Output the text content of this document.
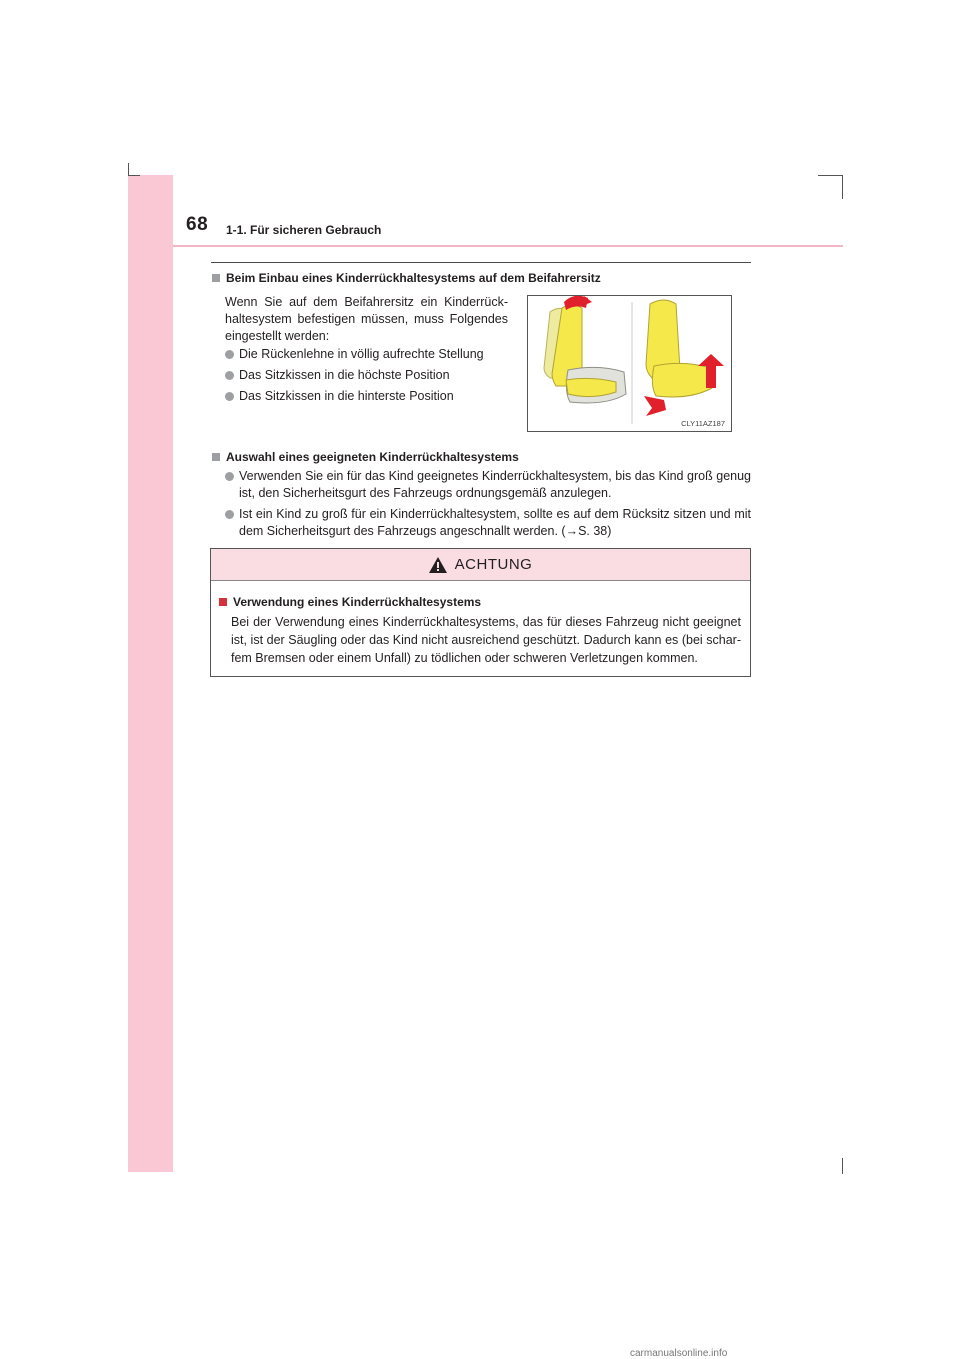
68 1-1. Für sicheren Gebrauch
Beim Einbau eines Kinderrückhaltesystems auf dem Beifahrersitz
Wenn Sie auf dem Beifahrersitz ein Kinderrück-haltesystem befestigen müssen, muss Folgendes eingestellt werden:
Die Rückenlehne in völlig aufrechte Stellung
Das Sitzkissen in die höchste Position
Das Sitzkissen in die hinterste Position
CLY11AZ187
Auswahl eines geeigneten Kinderrückhaltesystems
Verwenden Sie ein für das Kind geeignetes Kinderrückhaltesystem, bis das Kind groß genug ist, den Sicherheitsgurt des Fahrzeugs ordnungsgemäß anzulegen.
Ist ein Kind zu groß für ein Kinderrückhaltesystem, sollte es auf dem Rücksitz sitzen und mit dem Sicherheitsgurt des Fahrzeugs angeschnallt werden. (→S. 38)
ACHTUNG
Verwendung eines Kinderrückhaltesystems
Bei der Verwendung eines Kinderrückhaltesystems, das für dieses Fahrzeug nicht geeignet ist, ist der Säugling oder das Kind nicht ausreichend geschützt. Dadurch kann es (bei schar-fem Bremsen oder einem Unfall) zu tödlichen oder schweren Verletzungen kommen.
carmanualsonline.info
